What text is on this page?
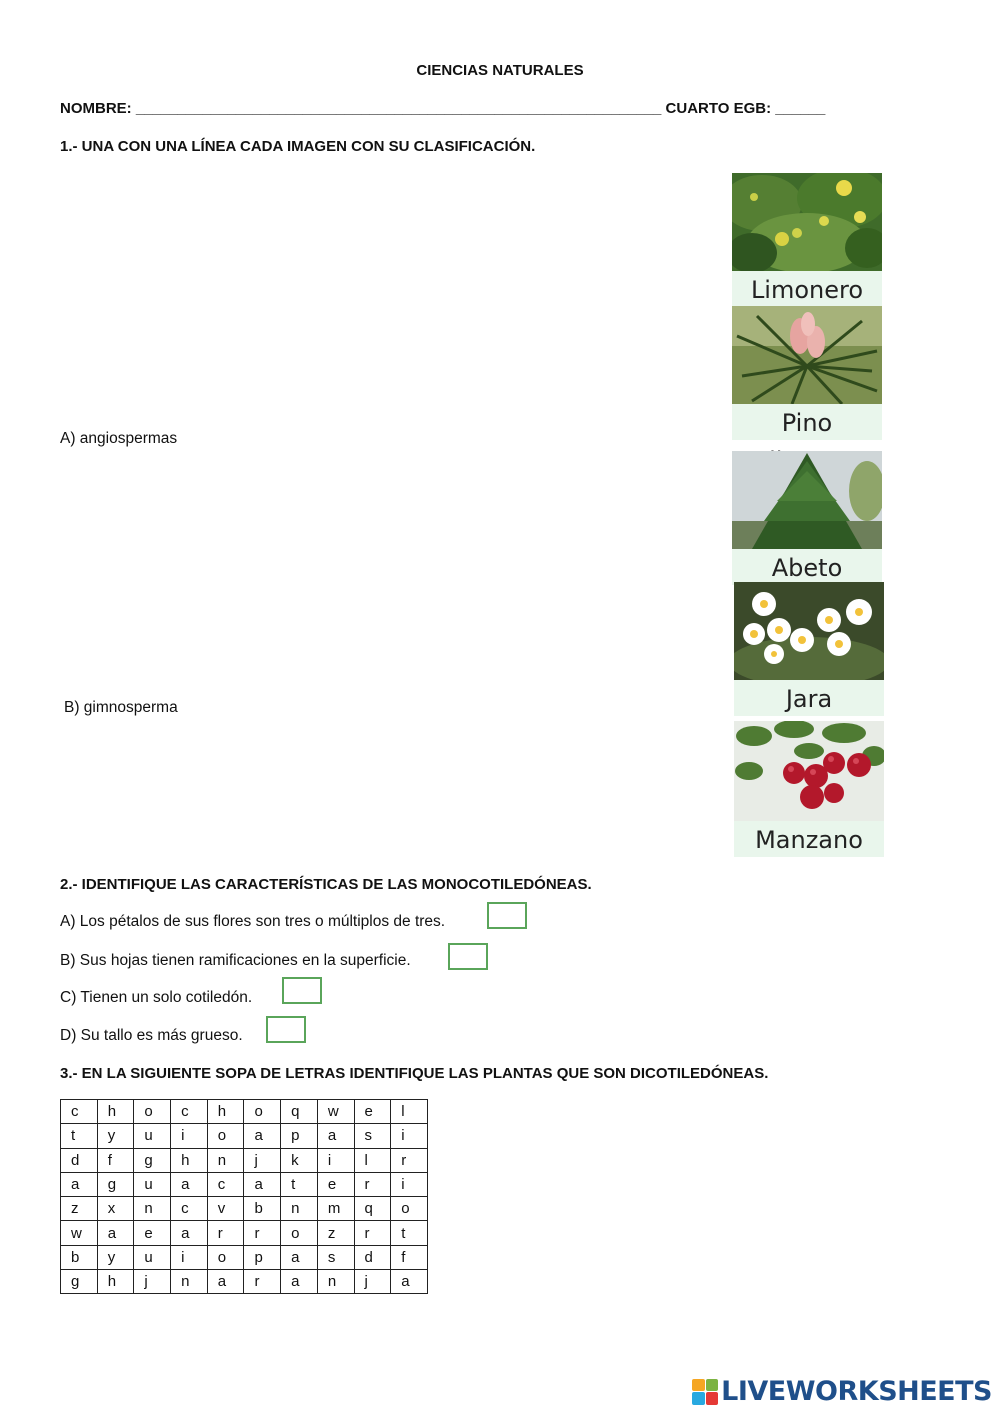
CIENCIAS NATURALES
NOMBRE: _______________________________________________________________ CUARTO EGB: ______
1.- UNA CON UNA LÍNEA CADA IMAGEN CON SU CLASIFICACIÓN.
A) angiospermas
B) gimnosperma
Limonero
Pino
Abeto
Jara
Manzano
2.- IDENTIFIQUE LAS CARACTERÍSTICAS DE LAS MONOCOTILEDÓNEAS.
A) Los pétalos de sus flores son tres o múltiplos de tres.
B) Sus hojas tienen ramificaciones en la superficie.
C) Tienen un solo cotiledón.
D) Su tallo es más grueso.
3.- EN LA SIGUIENTE SOPA DE LETRAS IDENTIFIQUE LAS PLANTAS QUE SON DICOTILEDÓNEAS.
c	h	o	c	h	o	q	w	e	l
t	y	u	i	o	a	p	a	s	i
d	f	g	h	n	j	k	i	l	r
a	g	u	a	c	a	t	e	r	i
z	x	n	c	v	b	n	m	q	o
w	a	e	a	r	r	o	z	r	t
b	y	u	i	o	p	a	s	d	f
g	h	j	n	a	r	a	n	j	a
LIVEWORKSHEETS
